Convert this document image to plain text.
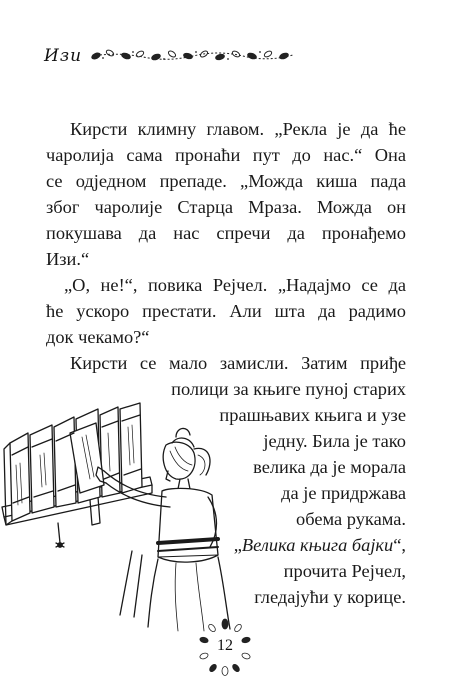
Изи
Кирсти климну главом. „Рекла је да ће
чаролија сама пронаћи пут до нас.“ Она
се одједном препаде. „Можда киша пада
због чаролије Старца Мраза. Можда он
покушава да нас спречи да пронађемо
Изи.“
„О, не!“, повика Рејчел. „Надајмо се да
ће ускоро престати. Али шта да радимо
док чекамо?“
Кирсти се мало замисли. Затим приђе
полици за књиге пуној старих
прашњавих књига и узе
једну. Била је тако
велика да је морала
да је придржава
обема рукама.
„Велика књига бајки“,
прочита Рејчел,
гледајући у корице.
12
